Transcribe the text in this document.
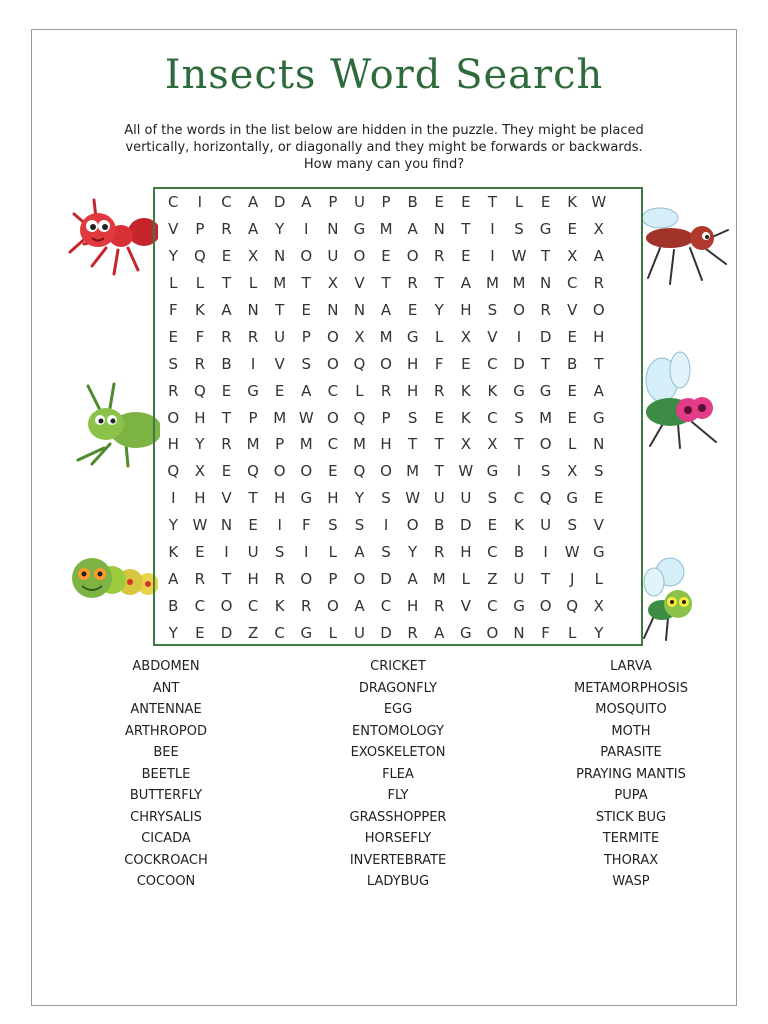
Insects Word Search
All of the words in the list below are hidden in the puzzle. They might be placed vertically, horizontally, or diagonally and they might be forwards or backwards. How many can you find?
C	I	C	A	D	A	P	U	P	B	E	E	T	L	E	K W
V	P	R	A	Y	I	N	G M A	N	T	I	S	G	E	X
Y	Q	E	X	N	O	U	O	E	O	R	E	I	W T	X	A
L	L	T	L	M	T	X	V	T	R	T	A M M N	C	R
F	K	A	N	T	E	N	N	A	E	Y	H	S	O	R	V	O
E	F	R	R	U	P	O	X M G	L	X	V	I	D	E	H
S	R	B	I	V	S	O Q O	H	F	E	C	D	T	B	T
R	Q	E	G	E	A	C	L	R	H	R	K	K	G G	E	A
O	H	T	P	M W O Q	P	S	E	K	C	S	M	E	G
H	Y	R M	P	M C M H	T	T	X	X	T	O	L	N
Q	X	E	Q O O	E	Q O M	T W G	I	S	X	S
I	H	V	T	H	G	H	Y	S W U	U	S	C	Q G	E
Y W N	E	I	F	S	S	I	O	B	D	E	K	U	S	V
K	E	I	U	S	I	L	A	S	Y	R	H	C	B	I	W G
A	R	T	H	R	O	P	O D	A M	L	Z	U	T	J	L
B	C	O	C	K	R	O	A	C	H	R	V	C	G O Q	X
Y	E	D	Z	C	G	L	U	D	R	A	G O	N	F	L	Y
ABDOMEN
ANT
ANTENNAE
ARTHROPOD
BEE
BEETLE
BUTTERFLY
CHRYSALIS
CICADA
COCKROACH
COCOON
CRICKET
DRAGONFLY
EGG
ENTOMOLOGY
EXOSKELETON
FLEA
FLY
GRASSHOPPER
HORSEFLY
INVERTEBRATE
LADYBUG
LARVA
METAMORPHOSIS
MOSQUITO
MOTH
PARASITE
PRAYING MANTIS
PUPA
STICK BUG
TERMITE
THORAX
WASP
